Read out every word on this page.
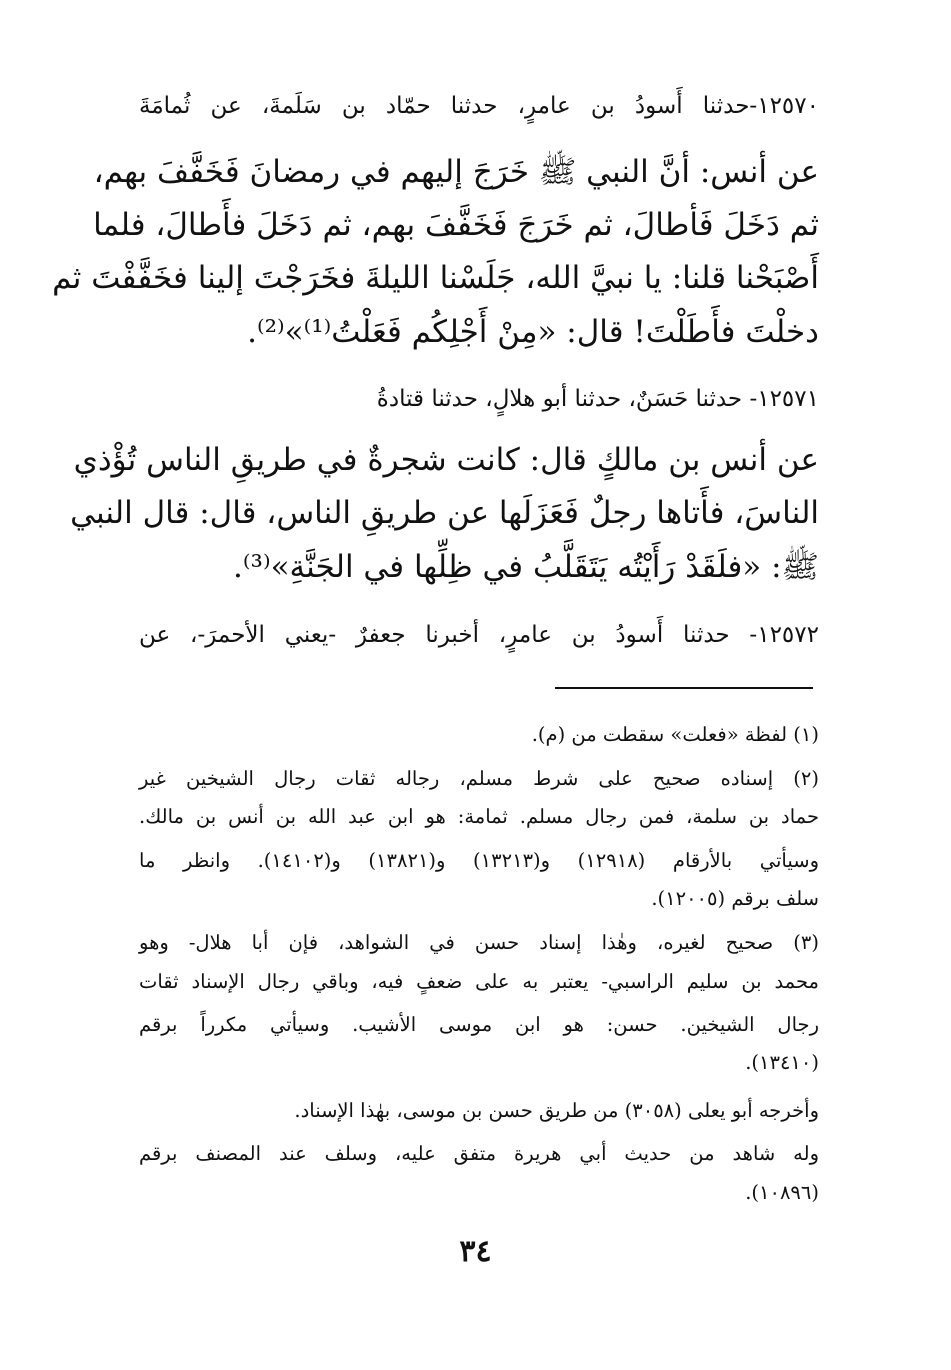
١٢٥٧٠-حدثنا أَسودُ بن عامرٍ، حدثنا حمّاد بن سَلَمةَ، عن ثُمامَةَ
عن أنس: أنَّ النبي ﷺ خَرَجَ إليهم في رمضانَ فَخَفَّفَ بهم،
ثم دَخَلَ فَأطالَ، ثم خَرَجَ فَخَفَّفَ بهم، ثم دَخَلَ فأَطالَ، فلما
أَصْبَحْنا قلنا: يا نبيَّ الله، جَلَسْنا الليلةَ فخَرَجْتَ إلينا فخَفَّفْتَ ثم
دخلْتَ فأَطَلْتَ! قال: «مِنْ أَجْلِكُم فَعَلْتُ⁽¹⁾»⁽²⁾.
١٢٥٧١- حدثنا حَسَنٌ، حدثنا أبو هلالٍ، حدثنا قتادةُ
عن أنس بن مالكٍ قال: كانت شجرةٌ في طريقِ الناس تُؤْذي
الناسَ، فأَتاها رجلٌ فَعَزَلَها عن طريقِ الناس، قال: قال النبي
ﷺ: «فلَقَدْ رَأَيْتُه يَتَقَلَّبُ في ظِلِّها في الجَنَّةِ»⁽³⁾.
١٢٥٧٢- حدثنا أَسودُ بن عامرٍ، أخبرنا جعفرٌ -يعني الأحمرَ-، عن
(١) لفظة «فعلت» سقطت من (م).
(٢) إسناده صحيح على شرط مسلم، رجاله ثقات رجال الشيخين غير
حماد بن سلمة، فمن رجال مسلم. ثمامة: هو ابن عبد الله بن أنس بن مالك.
وسيأتي بالأرقام (١٢٩١٨) و(١٣٢١٣) و(١٣٨٢١) و(١٤١٠٢). وانظر ما
سلف برقم (١٢٠٠٥).
(٣) صحيح لغيره، وهٰذا إسناد حسن في الشواهد، فإن أبا هلال- وهو
محمد بن سليم الراسبي- يعتبر به على ضعفٍ فيه، وباقي رجال الإسناد ثقات
رجال الشيخين. حسن: هو ابن موسى الأشيب. وسيأتي مكرراً برقم
(١٣٤١٠).
وأخرجه أبو يعلى (٣٠٥٨) من طريق حسن بن موسى، بهٰذا الإسناد.
وله شاهد من حديث أبي هريرة متفق عليه، وسلف عند المصنف برقم
(١٠٨٩٦).
٣٤
